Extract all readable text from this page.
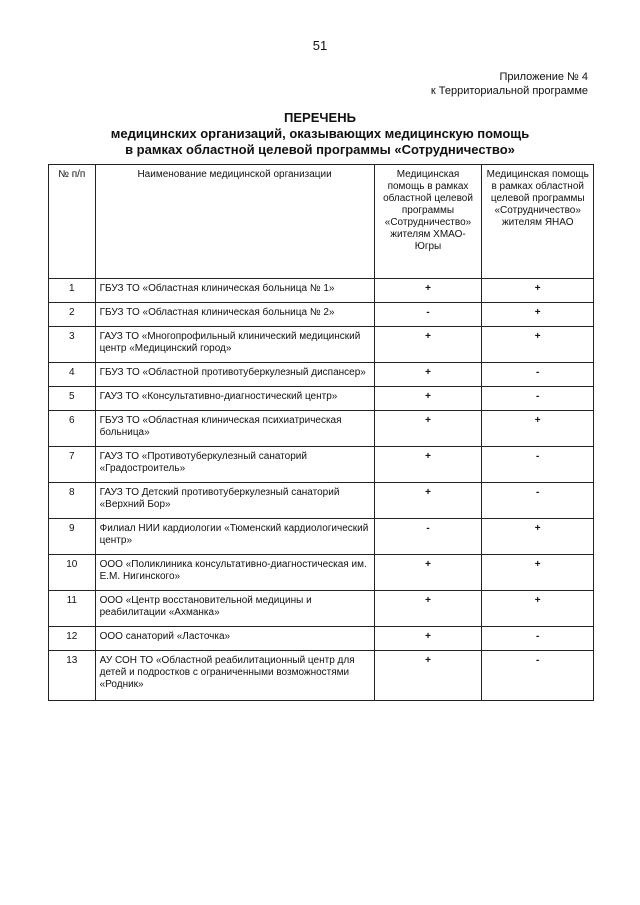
51
Приложение № 4
к Территориальной программе
ПЕРЕЧЕНЬ
медицинских организаций, оказывающих медицинскую помощь
в рамках областной целевой программы «Сотрудничество»
№ п/п	Наименование медицинской организации	Медицинская помощь в рамках областной целевой программы «Сотрудничество» жителям ХМАО-Югры	Медицинская помощь в рамках областной целевой программы «Сотрудничество» жителям ЯНАО
1	ГБУЗ ТО «Областная клиническая больница № 1»	+	+
2	ГБУЗ ТО «Областная клиническая больница № 2»	-	+
3	ГАУЗ ТО «Многопрофильный клинический медицинский центр «Медицинский город»	+	+
4	ГБУЗ ТО «Областной противотуберкулезный диспансер»	+	-
5	ГАУЗ ТО «Консультативно-диагностический центр»	+	-
6	ГБУЗ ТО «Областная клиническая психиатрическая больница»	+	+
7	ГАУЗ ТО «Противотуберкулезный санаторий «Градостроитель»	+	-
8	ГАУЗ ТО Детский противотуберкулезный санаторий «Верхний Бор»	+	-
9	Филиал НИИ кардиологии «Тюменский кардиологический центр»	-	+
10	ООО «Поликлиника консультативно-диагностическая им. Е.М. Нигинского»	+	+
11	ООО «Центр восстановительной медицины и реабилитации «Ахманка»	+	+
12	ООО санаторий «Ласточка»	+	-
13	АУ СОН ТО «Областной реабилитационный центр для детей и подростков с ограниченными возможностями «Родник»	+	-
